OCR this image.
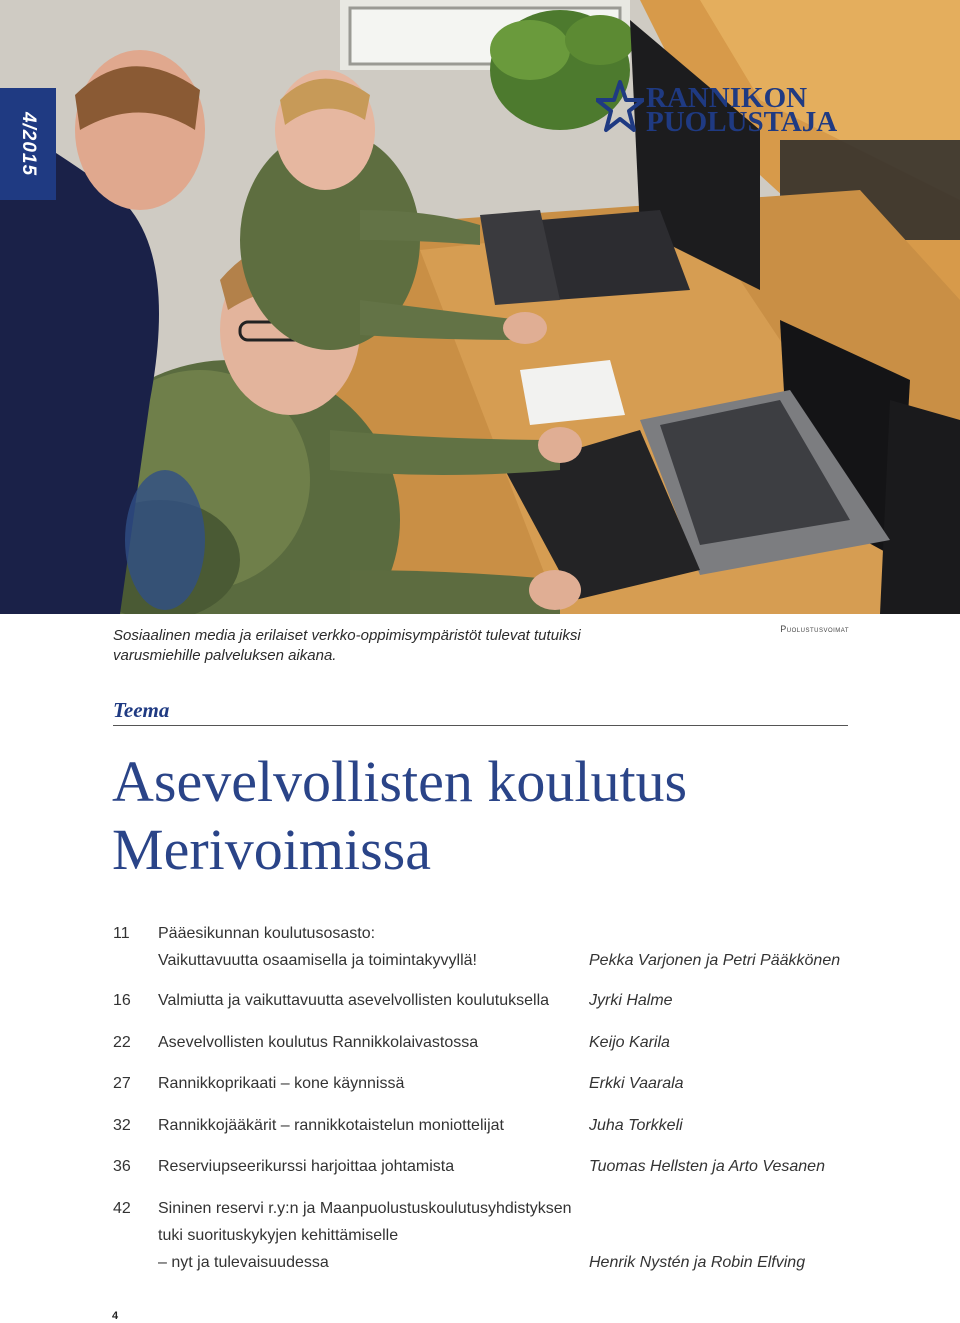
4/2015
RANNIKON
PUOLUSTAJA
Sosiaalinen media ja erilaiset verkko-oppimisympäristöt tulevat tutuiksi
varusmiehille palveluksen aikana.
Puolustusvoimat
Teema
Asevelvollisten koulutus
Merivoimissa
11	Pääesikunnan koulutusosasto:
Vaikuttavuutta osaamisella ja toimintakyvyllä!	Pekka Varjonen ja Petri Pääkkönen
16	Valmiutta ja vaikuttavuutta asevelvollisten koulutuksella	Jyrki Halme
22	Asevelvollisten koulutus Rannikkolaivastossa	Keijo Karila
27	Rannikkoprikaati – kone käynnissä	Erkki Vaarala
32	Rannikkojääkärit – rannikkotaistelun moniottelijat	Juha Torkkeli
36	Reserviupseerikurssi harjoittaa johtamista	Tuomas Hellsten ja Arto Vesanen
42	Sininen reservi r.y:n ja Maanpuolustuskoulutusyhdistyksen
tuki suorituskykyjen kehittämiselle
– nyt ja tulevaisuudessa	Henrik Nystén ja Robin Elfving
4
